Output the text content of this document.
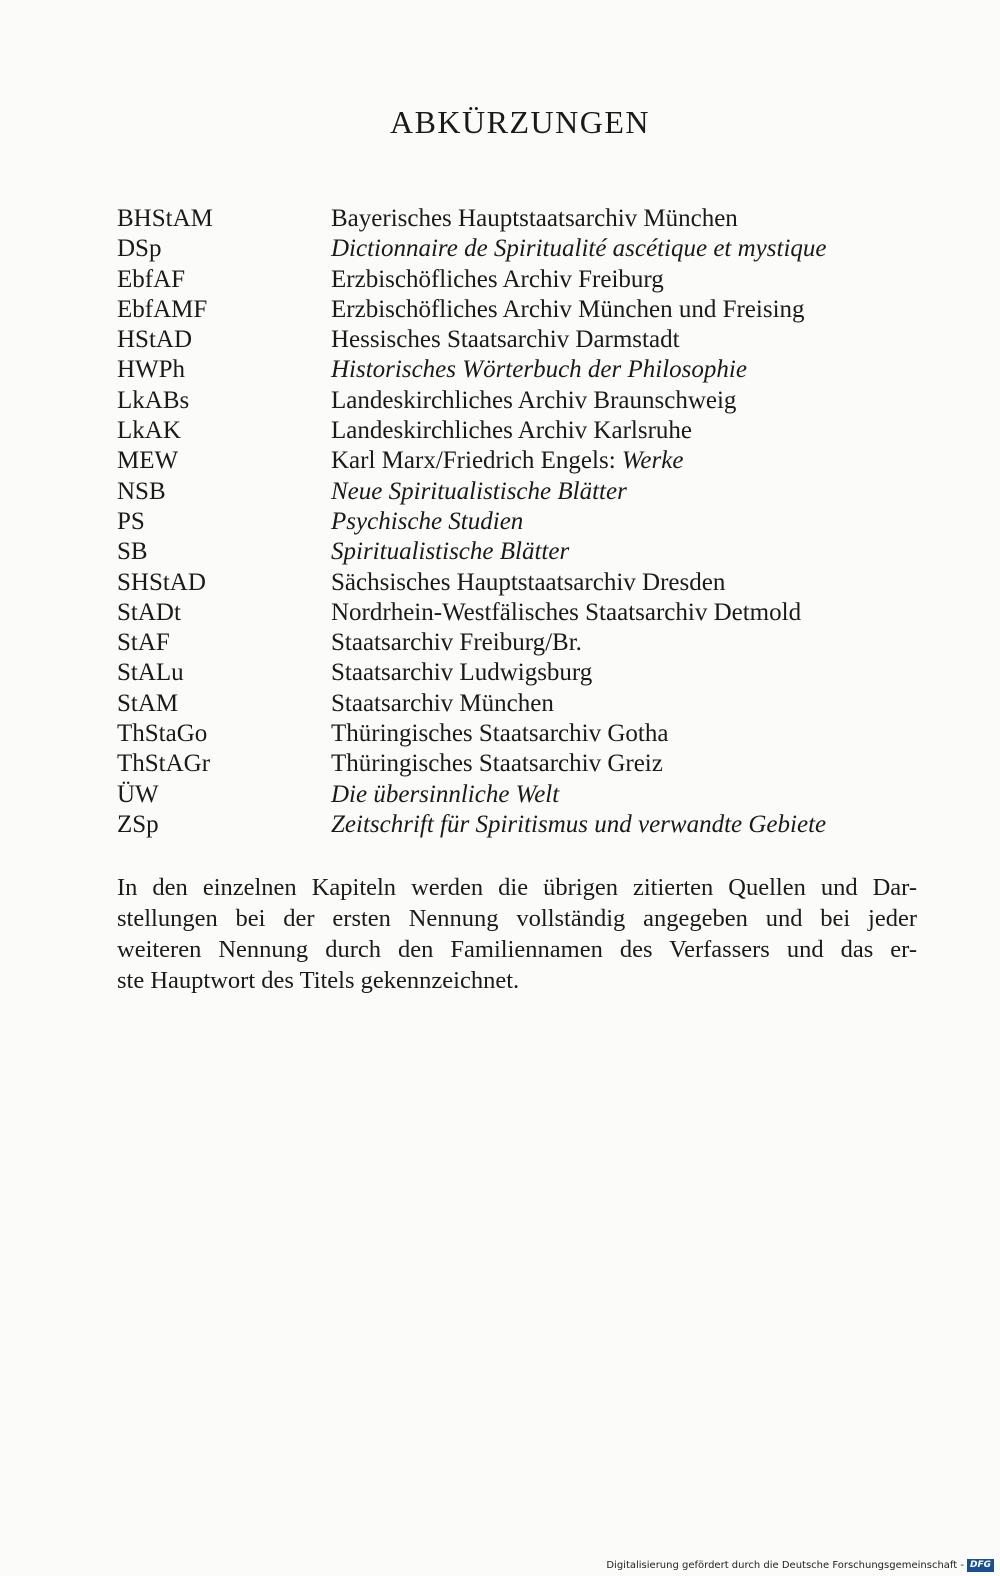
ABKÜRZUNGEN
BHStAM	Bayerisches Hauptstaatsarchiv München
DSp	Dictionnaire de Spiritualité ascétique et mystique
EbfAF	Erzbischöfliches Archiv Freiburg
EbfAMF	Erzbischöfliches Archiv München und Freising
HStAD	Hessisches Staatsarchiv Darmstadt
HWPh	Historisches Wörterbuch der Philosophie
LkABs	Landeskirchliches Archiv Braunschweig
LkAK	Landeskirchliches Archiv Karlsruhe
MEW	Karl Marx/Friedrich Engels: Werke
NSB	Neue Spiritualistische Blätter
PS	Psychische Studien
SB	Spiritualistische Blätter
SHStAD	Sächsisches Hauptstaatsarchiv Dresden
StADt	Nordrhein-Westfälisches Staatsarchiv Detmold
StAF	Staatsarchiv Freiburg/Br.
StALu	Staatsarchiv Ludwigsburg
StAM	Staatsarchiv München
ThStaGo	Thüringisches Staatsarchiv Gotha
ThStAGr	Thüringisches Staatsarchiv Greiz
ÜW	Die übersinnliche Welt
ZSp	Zeitschrift für Spiritismus und verwandte Gebiete

In den einzelnen Kapiteln werden die übrigen zitierten Quellen und Dar-
stellungen bei der ersten Nennung vollständig angegeben und bei jeder
weiteren Nennung durch den Familiennamen des Verfassers und das er-
ste Hauptwort des Titels gekennzeichnet.

Digitalisierung gefördert durch die Deutsche Forschungsgemeinschaft - DFG
